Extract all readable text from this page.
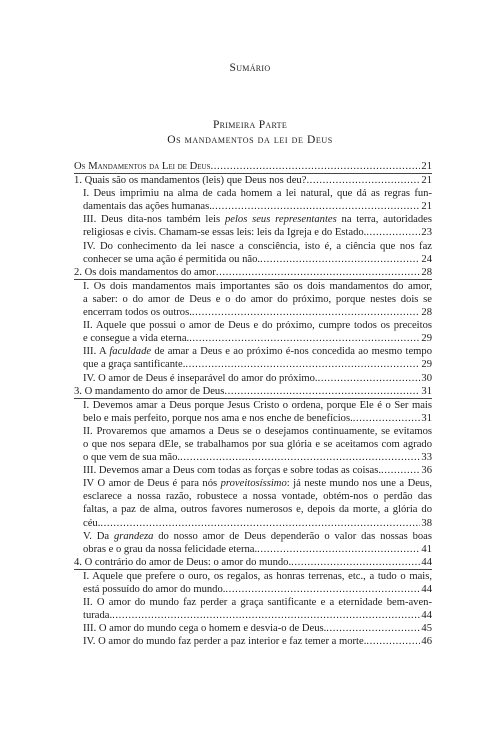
Sumário
Primeira Parte
Os mandamentos da lei de Deus
Os Mandamentos da Lei de Deus .....	21
1. Quais são os mandamentos (leis) que Deus nos deu? .....	21
I. Deus imprimiu na alma de cada homem a lei natural, que dá as regras fun-
damentais das ações humanas. .....	21
III. Deus dita-nos também leis pelos seus representantes na terra, autoridades
religiosas e civis. Chamam-se essas leis: leis da Igreja e do Estado. .....	23
IV. Do conhecimento da lei nasce a consciência, isto é, a ciência que nos faz
conhecer se uma ação é permitida ou não. .....	24
2. Os dois mandamentos do amor .....	28
I. Os dois mandamentos mais importantes são os dois mandamentos do amor,
a saber: o do amor de Deus e o do amor do próximo, porque nestes dois se
encerram todos os outros. .....	28
II. Aquele que possui o amor de Deus e do próximo, cumpre todos os preceitos
e consegue a vida eterna. .....	29
III. A faculdade de amar a Deus e ao próximo é-nos concedida ao mesmo tempo
que a graça santificante. .....	29
IV. O amor de Deus é inseparável do amor do próximo. .....	30
3. O mandamento do amor de Deus .....	31
I. Devemos amar a Deus porque Jesus Cristo o ordena, porque Ele é o Ser mais
belo e mais perfeito, porque nos ama e nos enche de benefícios. .....	31
II. Provaremos que amamos a Deus se o desejamos continuamente, se evitamos
o que nos separa dEle, se trabalhamos por sua glória e se aceitamos com agrado
o que vem de sua mão. .....	33
III. Devemos amar a Deus com todas as forças e sobre todas as coisas. .....	36
IV O amor de Deus é para nós proveitosíssimo: já neste mundo nos une a Deus,
esclarece a nossa razão, robustece a nossa vontade, obtém-nos o perdão das
faltas, a paz de alma, outros favores numerosos e, depois da morte, a glória do
céu. .....	38
V. Da grandeza do nosso amor de Deus dependerão o valor das nossas boas
obras e o grau da nossa felicidade eterna. .....	41
4. O contrário do amor de Deus: o amor do mundo. .....	44
I. Aquele que prefere o ouro, os regalos, as honras terrenas, etc., a tudo o mais,
está possuído do amor do mundo. .....	44
II. O amor do mundo faz perder a graça santificante e a eternidade bem-aven-
turada. .....	44
III. O amor do mundo cega o homem e desvia-o de Deus. .....	45
IV. O amor do mundo faz perder a paz interior e faz temer a morte. .....	46
